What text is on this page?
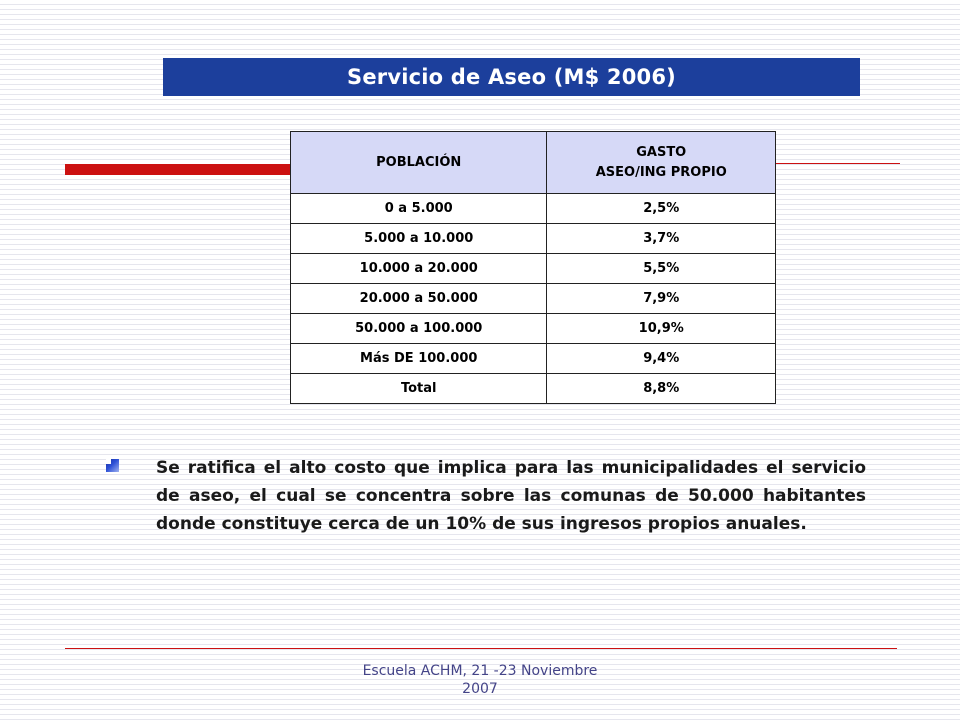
Servicio de Aseo (M$ 2006)
POBLACIÓN	GASTO
ASEO/ING PROPIO
0 a 5.000	2,5%
5.000 a 10.000	3,7%
10.000 a 20.000	5,5%
20.000 a 50.000	7,9%
50.000 a 100.000	10,9%
Más DE 100.000	9,4%
Total	8,8%
Se ratifica el alto costo que implica para las municipalidades el servicio de aseo, el cual se concentra sobre las comunas de 50.000 habitantes donde constituye cerca de un 10% de sus ingresos propios anuales.
Escuela ACHM, 21 -23 Noviembre
2007
